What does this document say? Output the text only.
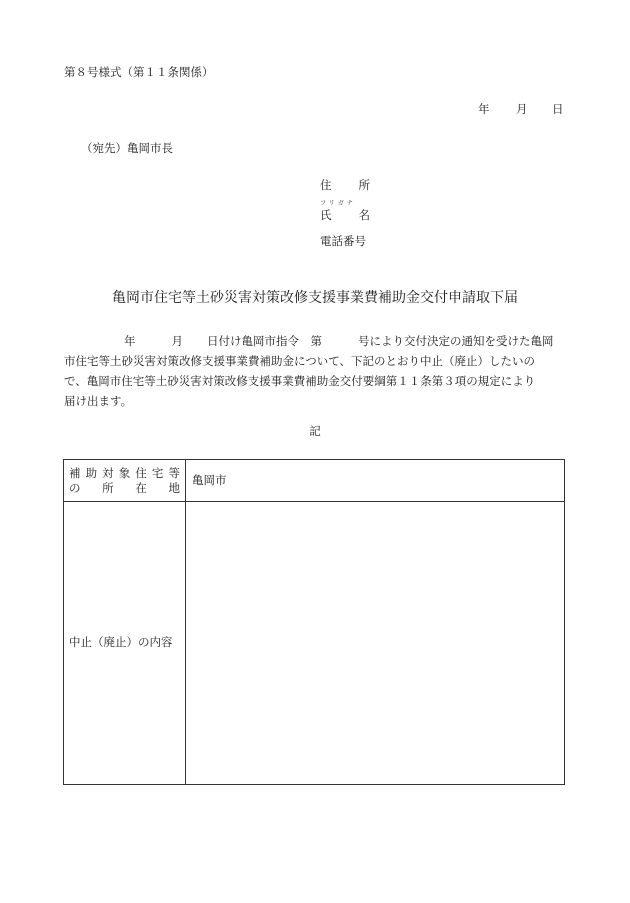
第８号様式（第１１条関係）
年 月 日
（宛先）亀岡市長
住所
フリガナ
氏名
電話番号
亀岡市住宅等土砂災害対策改修支援事業費補助金交付申請取下届
年	月 日付け亀岡市指令　第	号により交付決定の通知を受けた亀岡
市住宅等土砂災害対策改修支援事業費補助金について、下記のとおり中止（廃止）したいの
で、亀岡市住宅等土砂災害対策改修支援事業費補助金交付要綱第１１条第３項の規定により
届け出ます。
記
補助対象住宅等
の所在地	亀岡市
中止（廃止）の内容	
